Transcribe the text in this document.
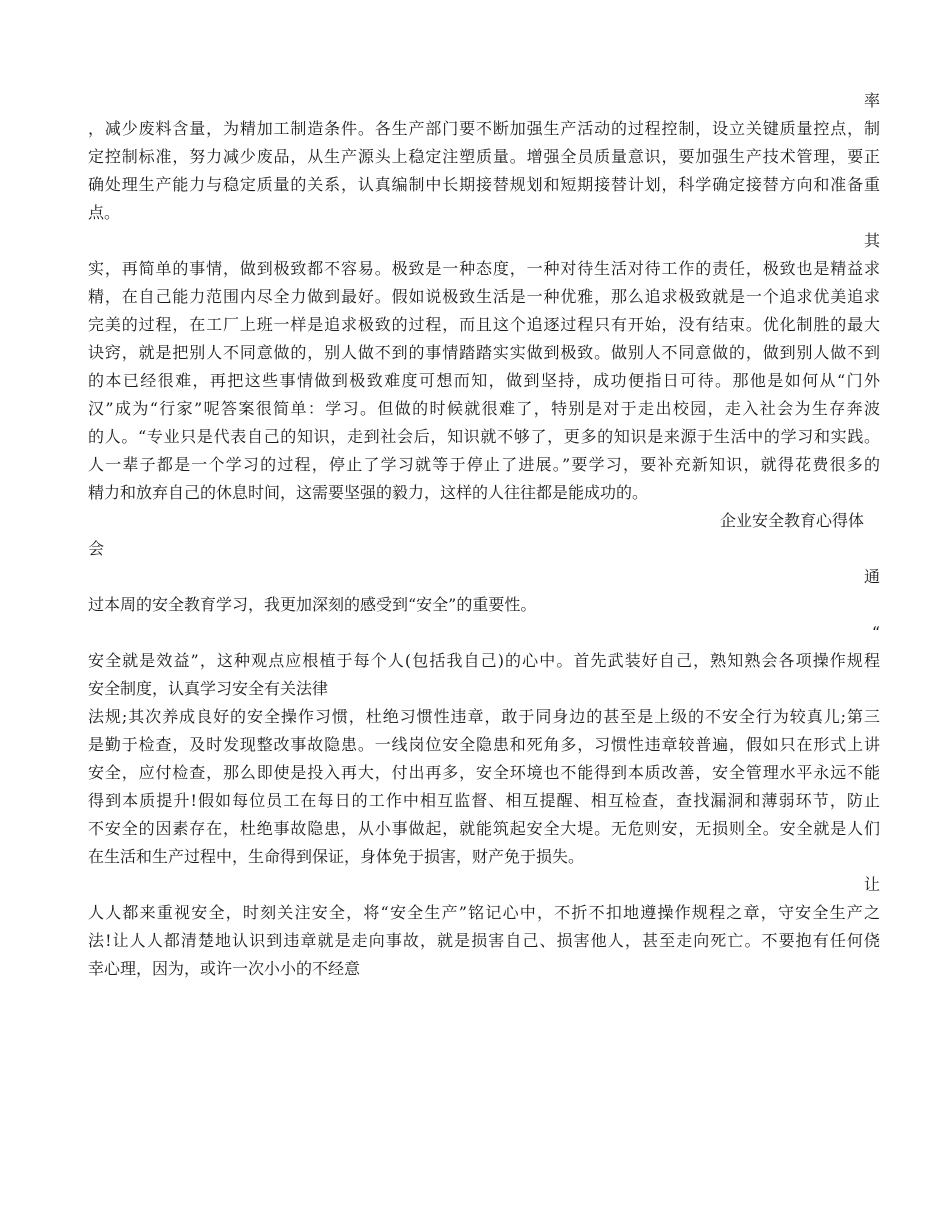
率
，减少废料含量，为精加工制造条件。各生产部门要不断加强生产活动的过程控制，设立关键质量控点，制
定控制标准，努力减少废品，从生产源头上稳定注塑质量。增强全员质量意识，要加强生产技术管理，要正
确处理生产能力与稳定质量的关系，认真编制中长期接替规划和短期接替计划，科学确定接替方向和准备重
点。
其
实，再简单的事情，做到极致都不容易。极致是一种态度，一种对待生活对待工作的责任，极致也是精益求
精，在自己能力范围内尽全力做到最好。假如说极致生活是一种优雅，那么追求极致就是一个追求优美追求
完美的过程，在工厂上班一样是追求极致的过程，而且这个追逐过程只有开始，没有结束。优化制胜的最大
诀窍，就是把别人不同意做的，别人做不到的事情踏踏实实做到极致。做别人不同意做的，做到别人做不到
的本已经很难，再把这些事情做到极致难度可想而知，做到坚持，成功便指日可待。那他是如何从“门外
汉”成为“行家”呢答案很简单：学习。但做的时候就很难了，特别是对于走出校园，走入社会为生存奔波
的人。“专业只是代表自己的知识，走到社会后，知识就不够了，更多的知识是来源于生活中的学习和实践。
人一辈子都是一个学习的过程，停止了学习就等于停止了进展。”要学习，要补充新知识，就得花费很多的
精力和放弃自己的休息时间，这需要坚强的毅力，这样的人往往都是能成功的。
企业安全教育心得体
会
通
过本周的安全教育学习，我更加深刻的感受到“安全”的重要性。
“
安全就是效益”，这种观点应根植于每个人(包括我自己)的心中。首先武装好自己，熟知熟会各项操作规程
安全制度，认真学习安全有关法律
法规;其次养成良好的安全操作习惯，杜绝习惯性违章，敢于同身边的甚至是上级的不安全行为较真儿;第三
是勤于检查，及时发现整改事故隐患。一线岗位安全隐患和死角多，习惯性违章较普遍，假如只在形式上讲
安全，应付检查，那么即使是投入再大，付出再多，安全环境也不能得到本质改善，安全管理水平永远不能
得到本质提升!假如每位员工在每日的工作中相互监督、相互提醒、相互检查，查找漏洞和薄弱环节，防止
不安全的因素存在，杜绝事故隐患，从小事做起，就能筑起安全大堤。无危则安，无损则全。安全就是人们
在生活和生产过程中，生命得到保证，身体免于损害，财产免于损失。
让
人人都来重视安全，时刻关注安全，将“安全生产”铭记心中，不折不扣地遵操作规程之章，守安全生产之
法!让人人都清楚地认识到违章就是走向事故，就是损害自己、损害他人，甚至走向死亡。不要抱有任何侥
幸心理，因为，或许一次小小的不经意
